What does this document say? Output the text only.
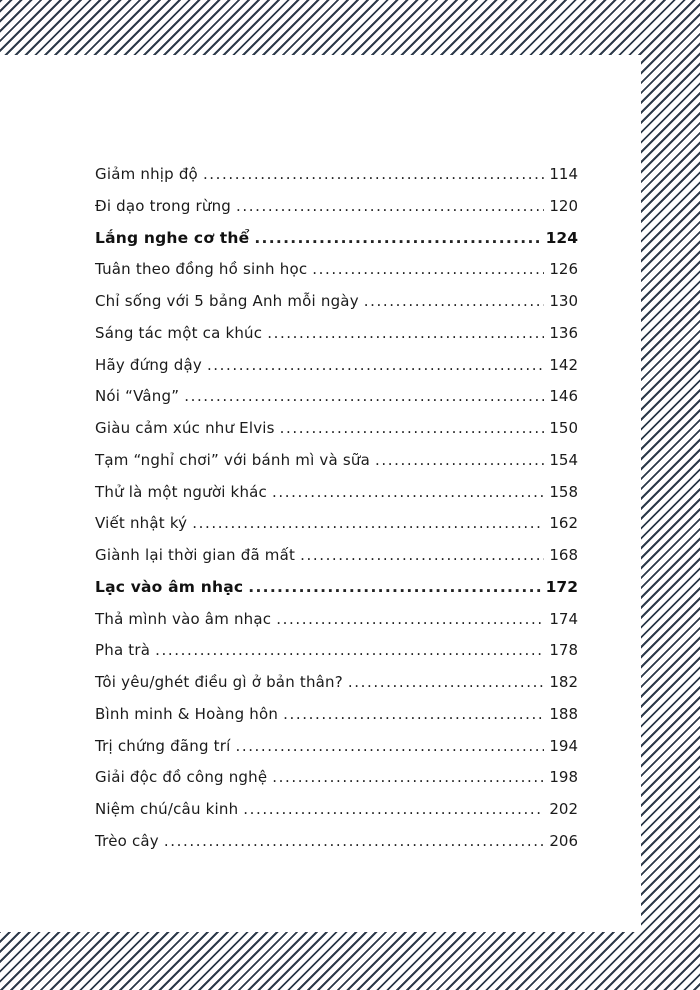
Giảm nhịp độ .....	114
Đi dạo trong rừng .....	120
Lắng nghe cơ thể .....	124
Tuân theo đồng hồ sinh học .....	126
Chỉ sống với 5 bảng Anh mỗi ngày .....	130
Sáng tác một ca khúc .....	136
Hãy đứng dậy .....	142
Nói “Vâng” .....	146
Giàu cảm xúc như Elvis .....	150
Tạm “nghỉ chơi” với bánh mì và sữa .....	154
Thử là một người khác .....	158
Viết nhật ký .....	162
Giành lại thời gian đã mất .....	168
Lạc vào âm nhạc .....	172
Thả mình vào âm nhạc .....	174
Pha trà .....	178
Tôi yêu/ghét điều gì ở bản thân? .....	182
Bình minh & Hoàng hôn .....	188
Trị chứng đãng trí .....	194
Giải độc đồ công nghệ .....	198
Niệm chú/câu kinh .....	202
Trèo cây .....	206
